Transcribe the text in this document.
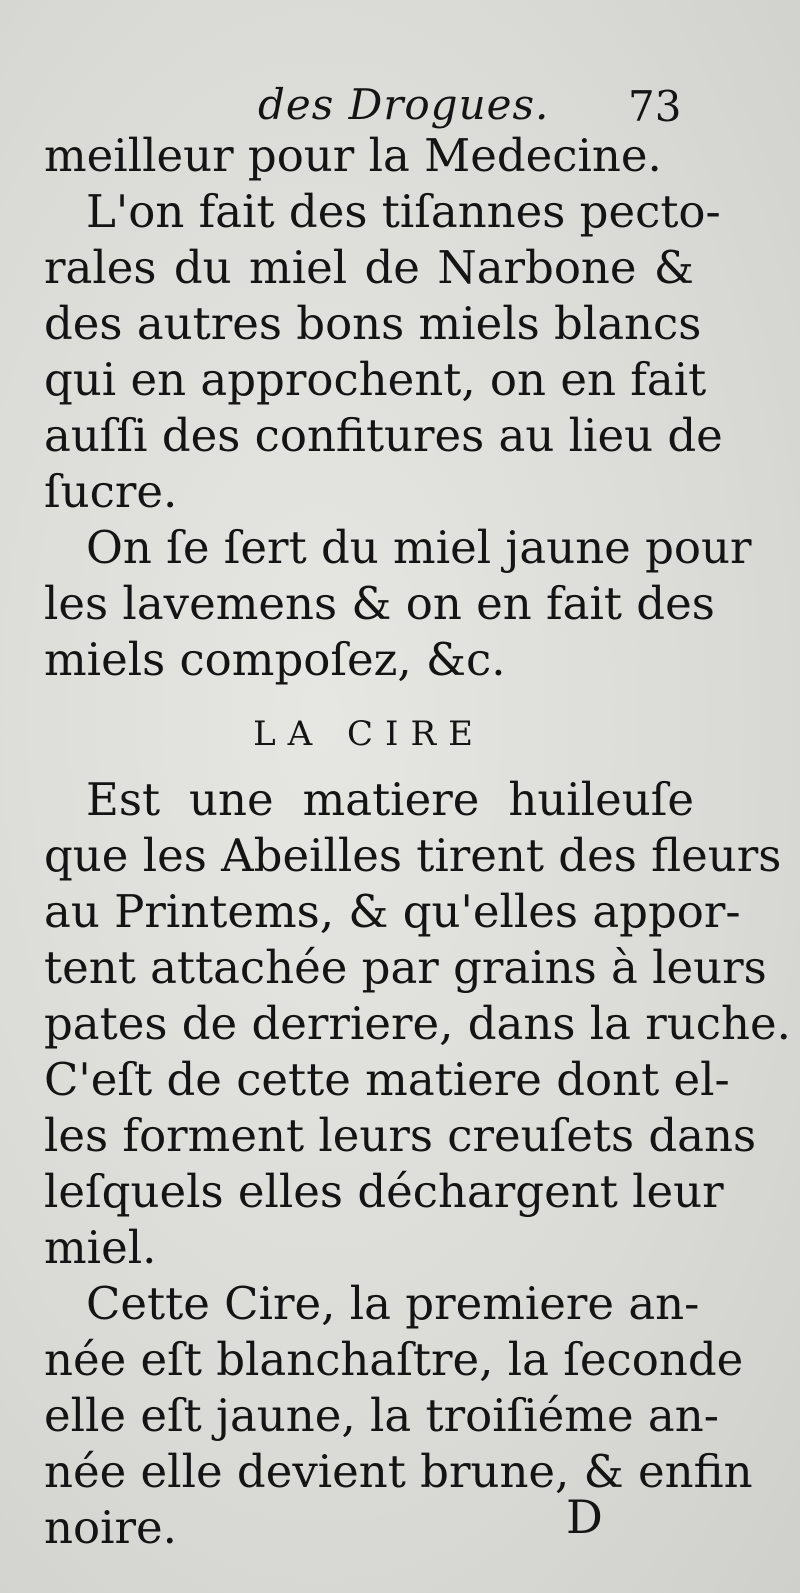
des Drogues. 73
meilleur pour la Medecine.
L'on fait des tiſannes pecto-
rales du miel de Narbone &
des autres bons miels blancs
qui en approchent, on en fait
auſſi des confitures au lieu de
ſucre.
On ſe ſert du miel jaune pour
les lavemens & on en fait des
miels compoſez, &c.
LA CIRE
Est une matiere huileuſe
que les Abeilles tirent des fleurs
au Printems, & qu'elles appor-
tent attachée par grains à leurs
pates de derriere, dans la ruche.
C'eſt de cette matiere dont el-
les forment leurs creuſets dans
leſquels elles déchargent leur
miel.
Cette Cire, la premiere an-
née eſt blanchaſtre, la ſeconde
elle eſt jaune, la troiſiéme an-
née elle devient brune, & enfin
noire.	D
